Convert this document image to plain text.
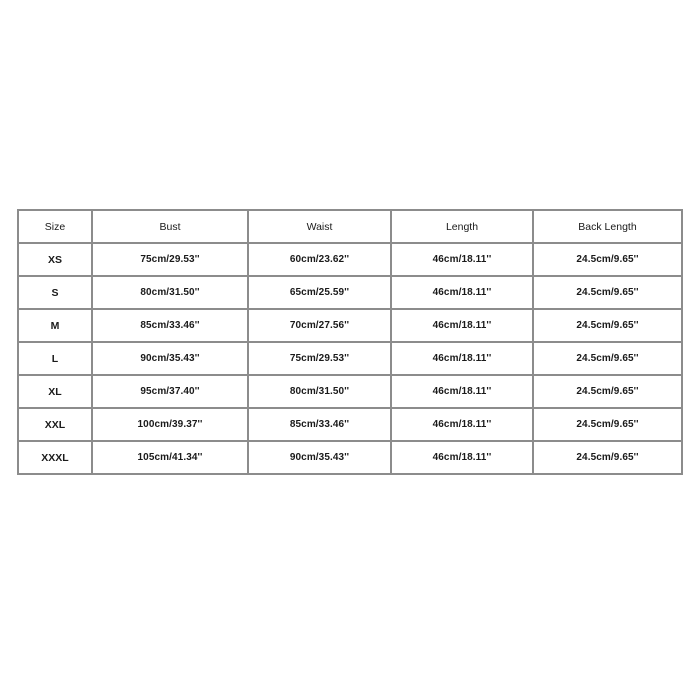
Size	Bust	Waist	Length	Back Length
XS	75cm/29.53''	60cm/23.62''	46cm/18.11''	24.5cm/9.65''
S	80cm/31.50''	65cm/25.59''	46cm/18.11''	24.5cm/9.65''
M	85cm/33.46''	70cm/27.56''	46cm/18.11''	24.5cm/9.65''
L	90cm/35.43''	75cm/29.53''	46cm/18.11''	24.5cm/9.65''
XL	95cm/37.40''	80cm/31.50''	46cm/18.11''	24.5cm/9.65''
XXL	100cm/39.37''	85cm/33.46''	46cm/18.11''	24.5cm/9.65''
XXXL	105cm/41.34''	90cm/35.43''	46cm/18.11''	24.5cm/9.65''
